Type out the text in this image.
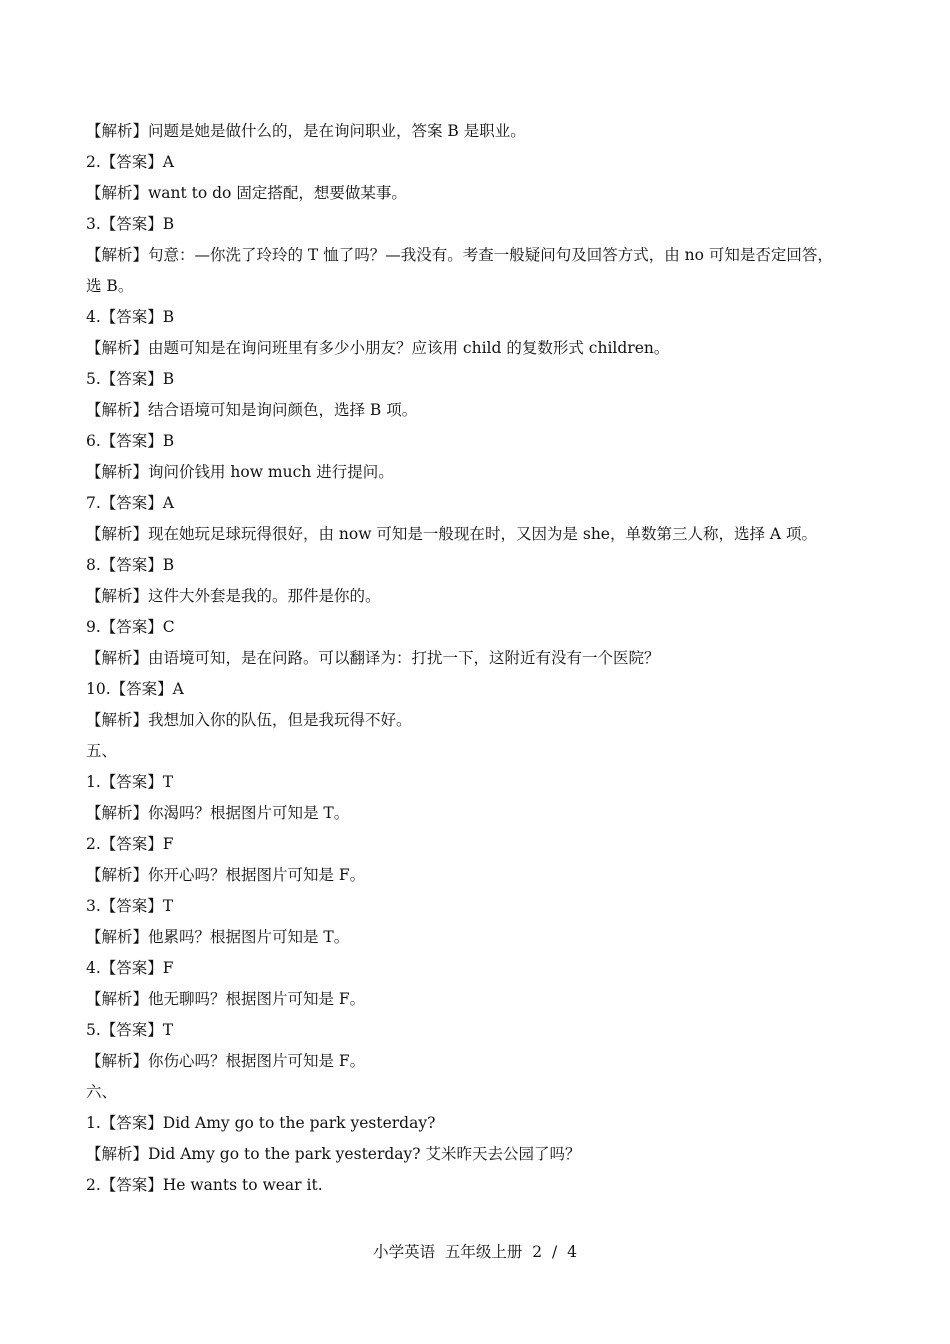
【解析】问题是她是做什么的，是在询问职业，答案 B 是职业。
2.【答案】A
【解析】want to do 固定搭配，想要做某事。
3.【答案】B
【解析】句意：—你洗了玲玲的 T 恤了吗？—我没有。考查一般疑问句及回答方式，由 no 可知是否定回答，
选 B。
4.【答案】B
【解析】由题可知是在询问班里有多少小朋友？应该用 child 的复数形式 children。
5.【答案】B
【解析】结合语境可知是询问颜色，选择 B 项。
6.【答案】B
【解析】询问价钱用 how much 进行提问。
7.【答案】A
【解析】现在她玩足球玩得很好，由 now 可知是一般现在时，又因为是 she，单数第三人称，选择 A 项。
8.【答案】B
【解析】这件大外套是我的。那件是你的。
9.【答案】C
【解析】由语境可知，是在问路。可以翻译为：打扰一下，这附近有没有一个医院？
10.【答案】A
【解析】我想加入你的队伍，但是我玩得不好。
五、
1.【答案】T
【解析】你渴吗？根据图片可知是 T。
2.【答案】F
【解析】你开心吗？根据图片可知是 F。
3.【答案】T
【解析】他累吗？根据图片可知是 T。
4.【答案】F
【解析】他无聊吗？根据图片可知是 F。
5.【答案】T
【解析】你伤心吗？根据图片可知是 F。
六、
1.【答案】Did Amy go to the park yesterday?
【解析】Did Amy go to the park yesterday? 艾米昨天去公园了吗？
2.【答案】He wants to wear it.
小学英语  五年级上册  2  /  4
